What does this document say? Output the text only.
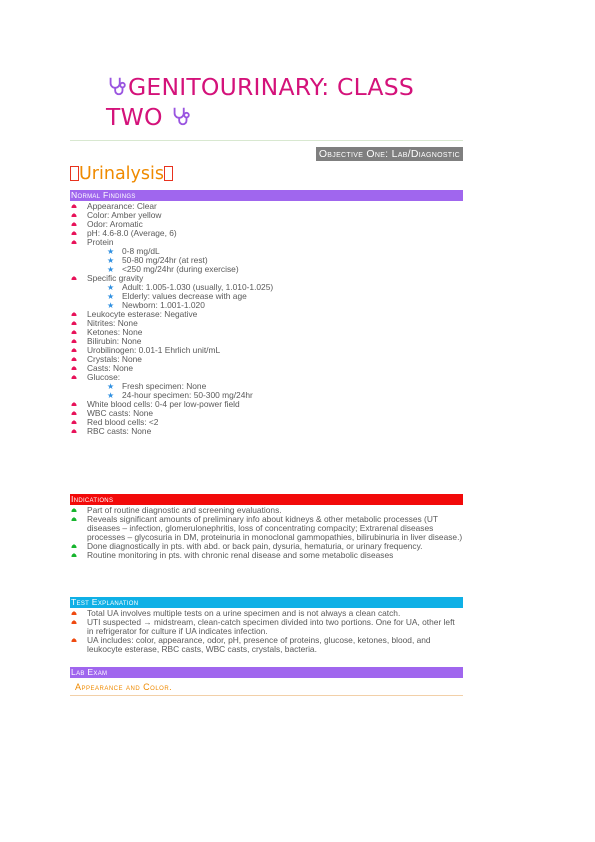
GENITOURINARY: CLASS
TWO
Objective One: Lab/Diagnostic
Urinalysis
Normal Findings
Appearance: Clear
Color: Amber yellow
Odor: Aromatic
pH: 4.6-8.0 (Average, 6)
Protein
★ 0-8 mg/dL
★ 50-80 mg/24hr (at rest)
★ <250 mg/24hr (during exercise)
Specific gravity
★ Adult: 1.005-1.030 (usually, 1.010-1.025)
★ Elderly: values decrease with age
★ Newborn: 1.001-1.020
Leukocyte esterase: Negative
Nitrites: None
Ketones: None
Bilirubin: None
Urobilinogen: 0.01-1 Ehrlich unit/mL
Crystals: None
Casts: None
Glucose:
★ Fresh specimen: None
★ 24-hour specimen: 50-300 mg/24hr
White blood cells: 0-4 per low-power field
WBC casts: None
Red blood cells: <2
RBC casts: None
Indications
Part of routine diagnostic and screening evaluations.
Reveals significant amounts of preliminary info about kidneys & other metabolic processes (UT diseases – infection, glomerulonephritis, loss of concentrating compacity; Extrarenal diseases processes – glycosuria in DM, proteinuria in monoclonal gammopathies, bilirubinuria in liver disease.)
Done diagnostically in pts. with abd. or back pain, dysuria, hematuria, or urinary frequency.
Routine monitoring in pts. with chronic renal disease and some metabolic diseases
Test Explanation
Total UA involves multiple tests on a urine specimen and is not always a clean catch.
UTI suspected → midstream, clean-catch specimen divided into two portions. One for UA, other left in refrigerator for culture if UA indicates infection.
UA includes: color, appearance, odor, pH, presence of proteins, glucose, ketones, blood, and leukocyte esterase, RBC casts, WBC casts, crystals, bacteria.
Lab Exam
Appearance and Color.
